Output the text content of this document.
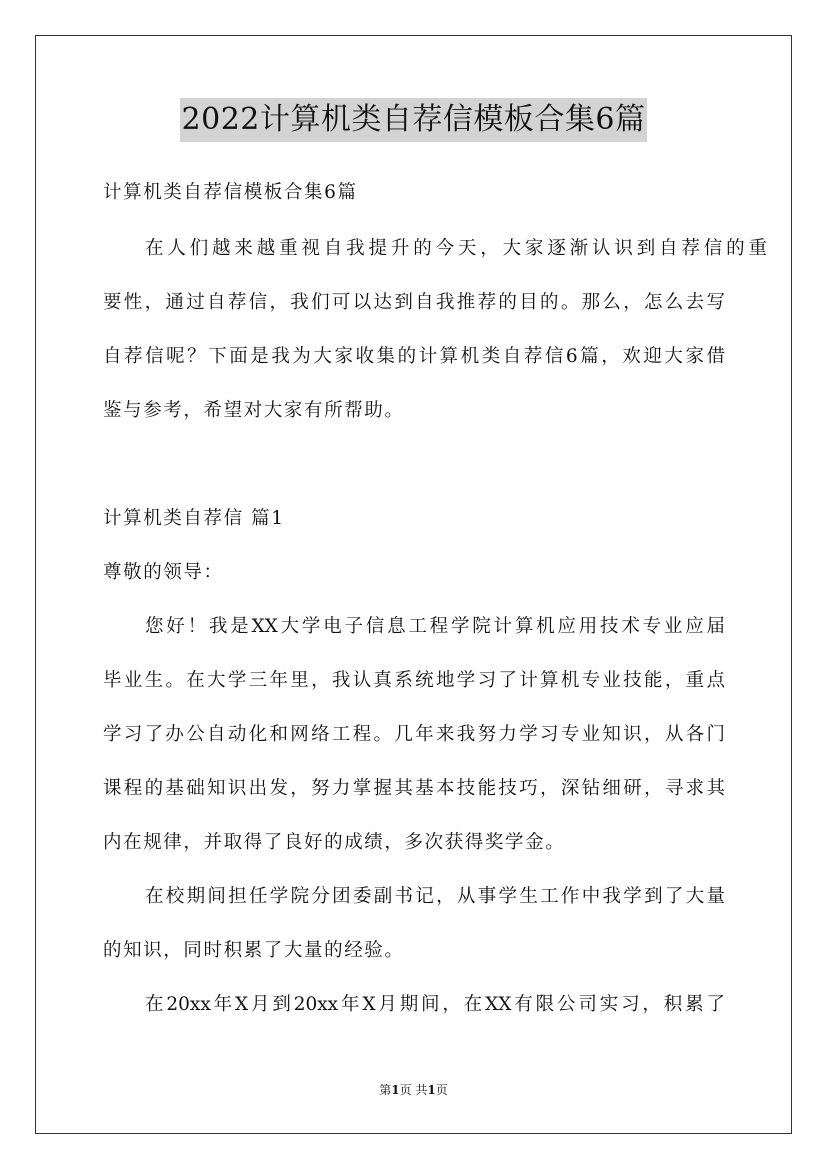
2022计算机类自荐信模板合集6篇
计算机类自荐信模板合集6篇
在人们越来越重视自我提升的今天，大家逐渐认识到自荐信的重
要性，通过自荐信，我们可以达到自我推荐的目的。那么，怎么去写
自荐信呢？下面是我为大家收集的计算机类自荐信6篇，欢迎大家借
鉴与参考，希望对大家有所帮助。
计算机类自荐信 篇1
尊敬的领导：
您好！我是XX大学电子信息工程学院计算机应用技术专业应届
毕业生。在大学三年里，我认真系统地学习了计算机专业技能，重点
学习了办公自动化和网络工程。几年来我努力学习专业知识，从各门
课程的基础知识出发，努力掌握其基本技能技巧，深钻细研，寻求其
内在规律，并取得了良好的成绩，多次获得奖学金。
在校期间担任学院分团委副书记，从事学生工作中我学到了大量
的知识，同时积累了大量的经验。
在20xx年X月到20xx年X月期间，在XX有限公司实习，积累了
第1页 共1页
